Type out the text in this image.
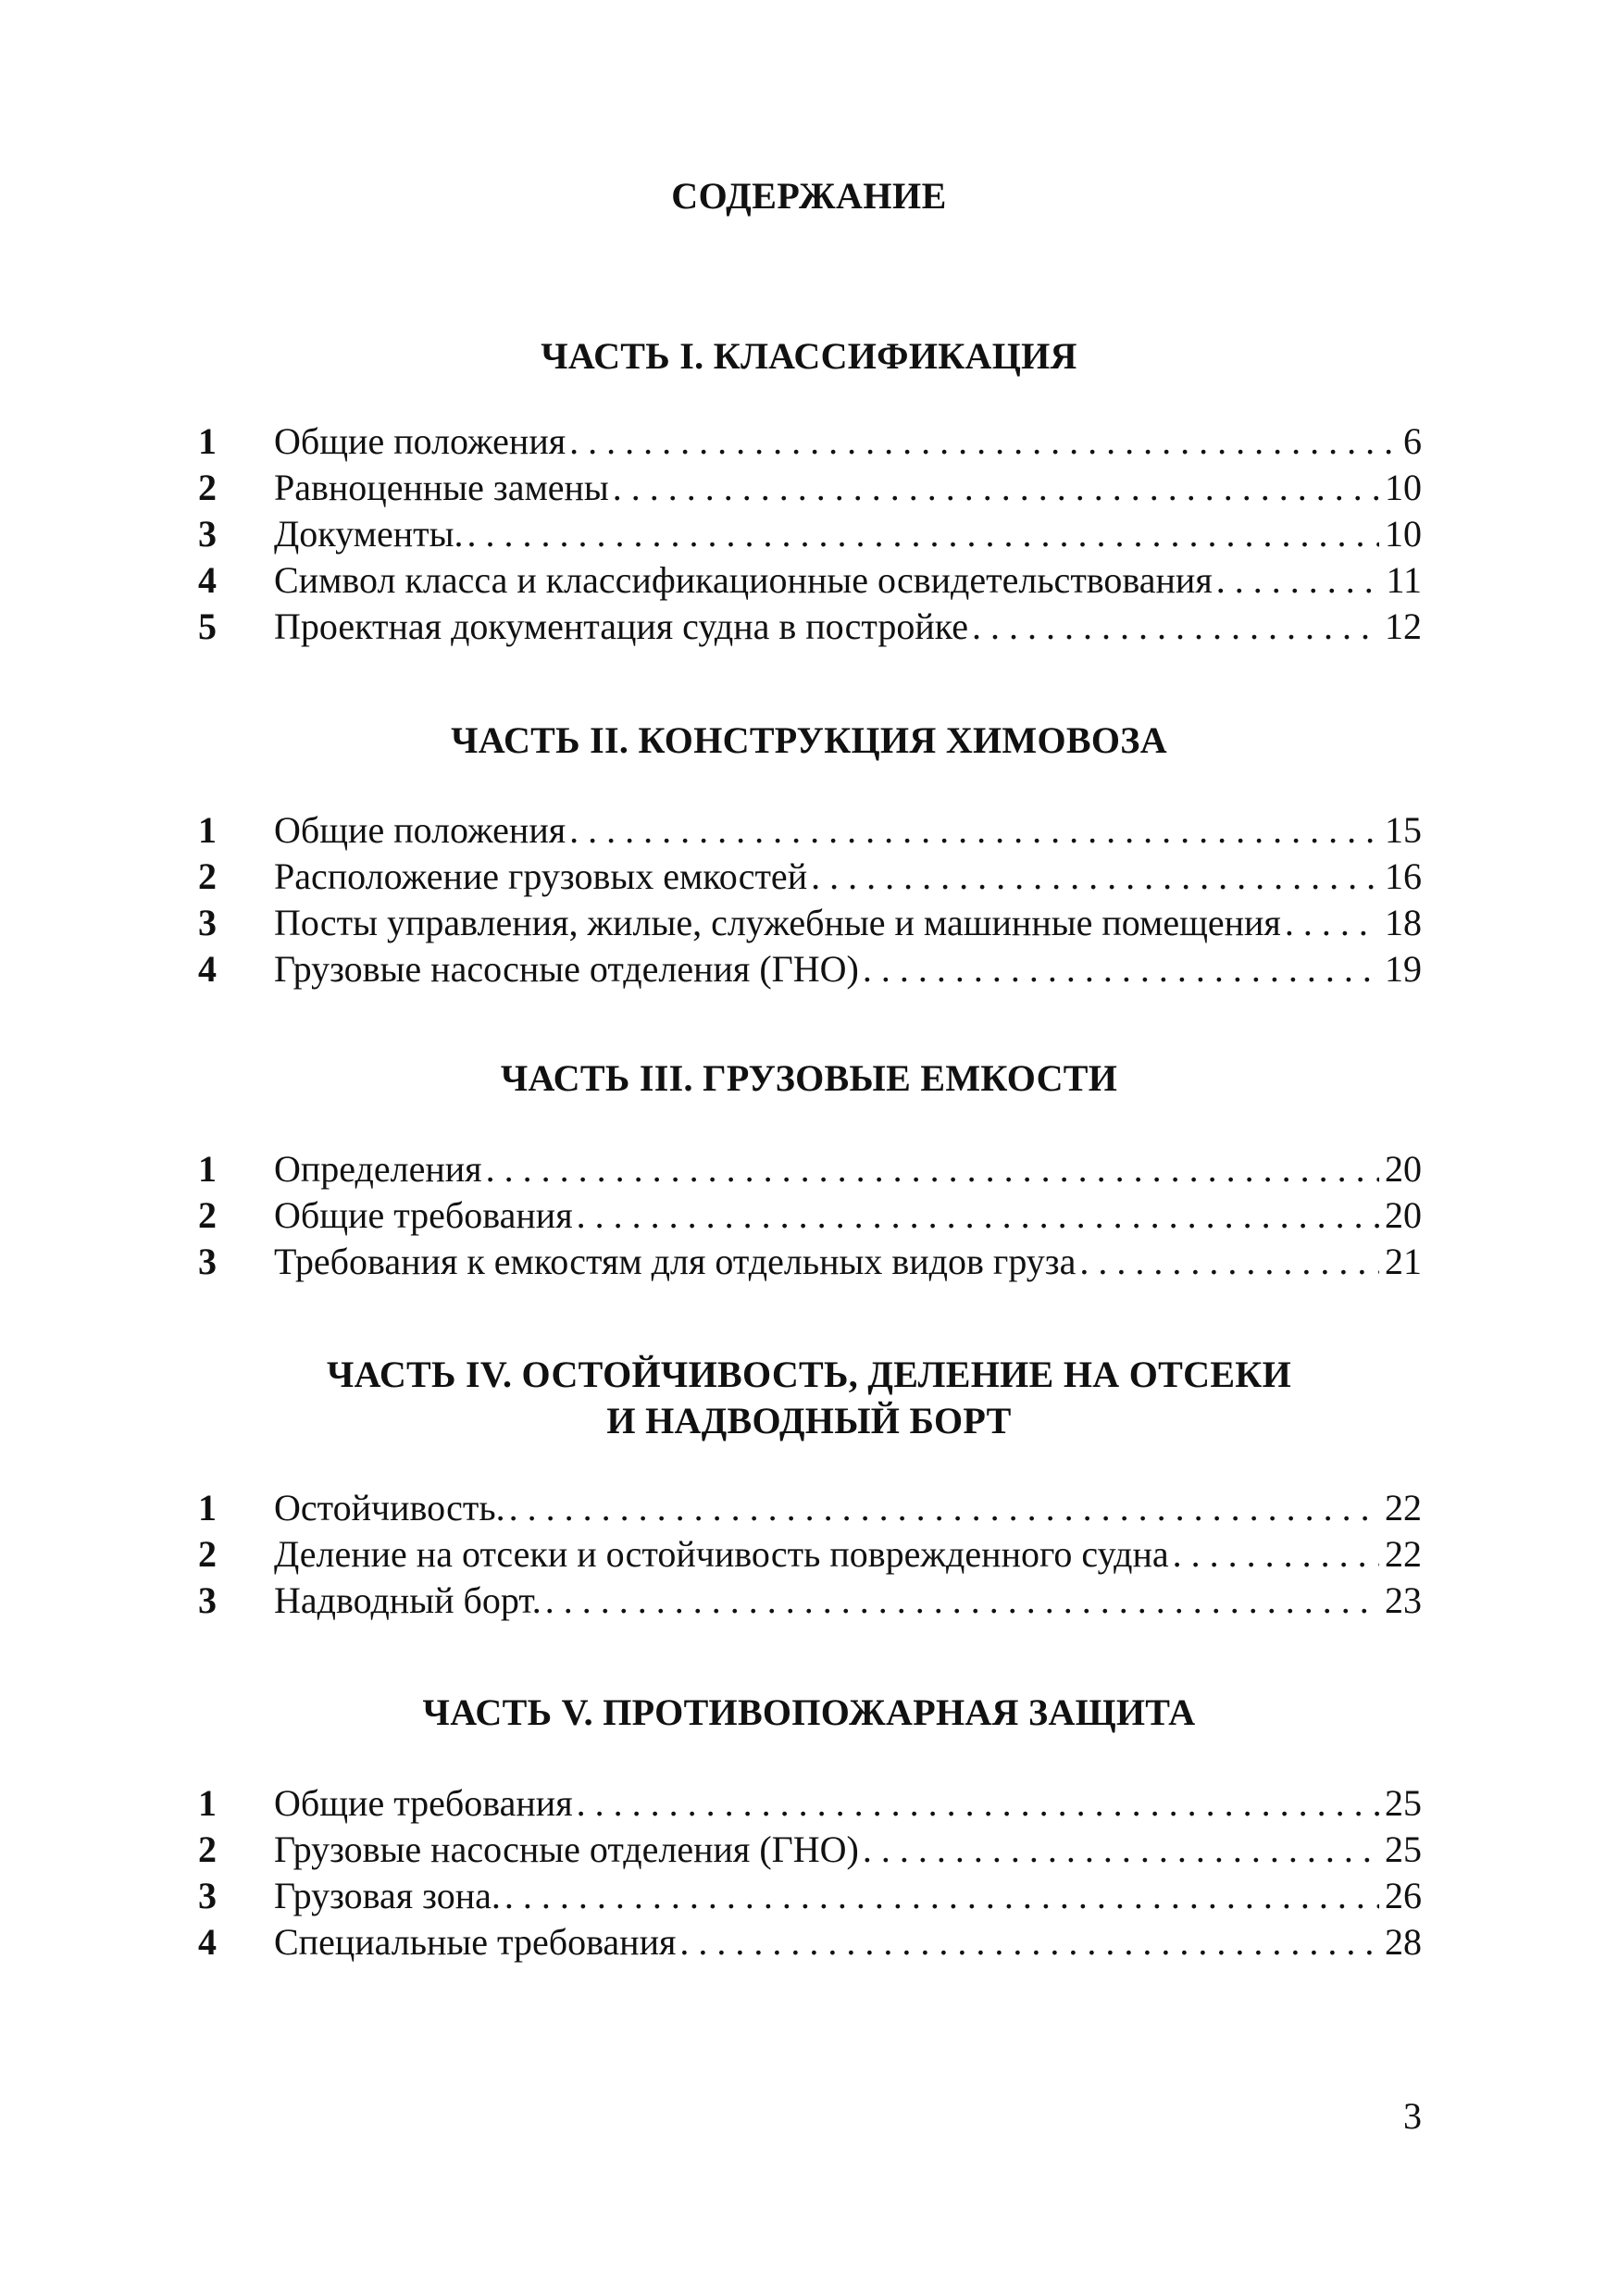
СОДЕРЖАНИЕ
ЧАСТЬ I. КЛАССИФИКАЦИЯ
1	Общие положения . . .	6
2	Равноценные замены . . .	10
3	Документы. . . .	10
4	Символ класса и классификационные освидетельствования . . .	11
5	Проектная документация судна в постройке . . .	12
ЧАСТЬ II. КОНСТРУКЦИЯ ХИМОВОЗА
1	Общие положения . . .	15
2	Расположение грузовых емкостей . . .	16
3	Посты управления, жилые, служебные и машинные помещения . . .	18
4	Грузовые насосные отделения (ГНО) . . .	19
ЧАСТЬ III. ГРУЗОВЫЕ ЕМКОСТИ
1	Определения . . .	20
2	Общие требования . . .	20
3	Требования к емкостям для отдельных видов груза . . .	21
ЧАСТЬ IV. ОСТОЙЧИВОСТЬ, ДЕЛЕНИЕ НА ОТСЕКИ
И НАДВОДНЫЙ БОРТ
1	Остойчивость. . . .	22
2	Деление на отсеки и остойчивость поврежденного судна . . .	22
3	Надводный борт. . . .	23
ЧАСТЬ V. ПРОТИВОПОЖАРНАЯ ЗАЩИТА
1	Общие требования . . .	25
2	Грузовые насосные отделения (ГНО) . . .	25
3	Грузовая зона. . . .	26
4	Специальные требования . . .	28
3
